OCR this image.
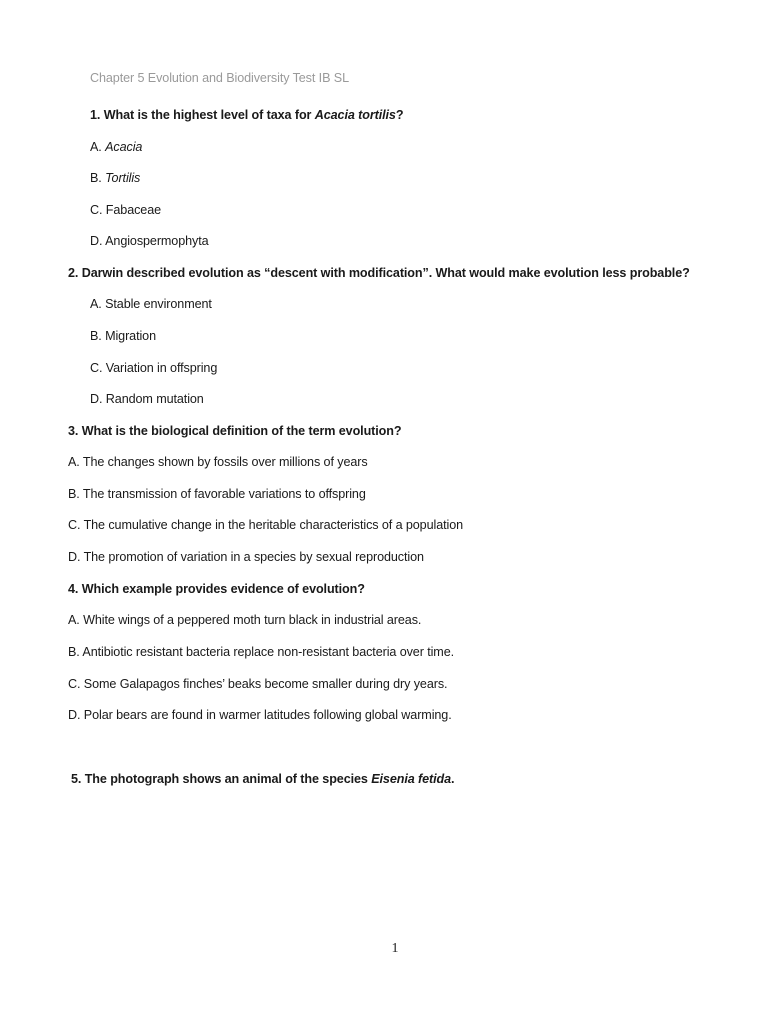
Chapter 5 Evolution and Biodiversity Test IB SL
1. What is the highest level of taxa for Acacia tortilis?
A. Acacia
B. Tortilis
C. Fabaceae
D. Angiospermophyta
2. Darwin described evolution as “descent with modification”. What would make evolution less probable?
A. Stable environment
B. Migration
C. Variation in offspring
D. Random mutation
3. What is the biological definition of the term evolution?
A. The changes shown by fossils over millions of years
B. The transmission of favorable variations to offspring
C. The cumulative change in the heritable characteristics of a population
D. The promotion of variation in a species by sexual reproduction
4. Which example provides evidence of evolution?
A. White wings of a peppered moth turn black in industrial areas.
B. Antibiotic resistant bacteria replace non-resistant bacteria over time.
C. Some Galapagos finches’ beaks become smaller during dry years.
D. Polar bears are found in warmer latitudes following global warming.
5. The photograph shows an animal of the species Eisenia fetida.
1
